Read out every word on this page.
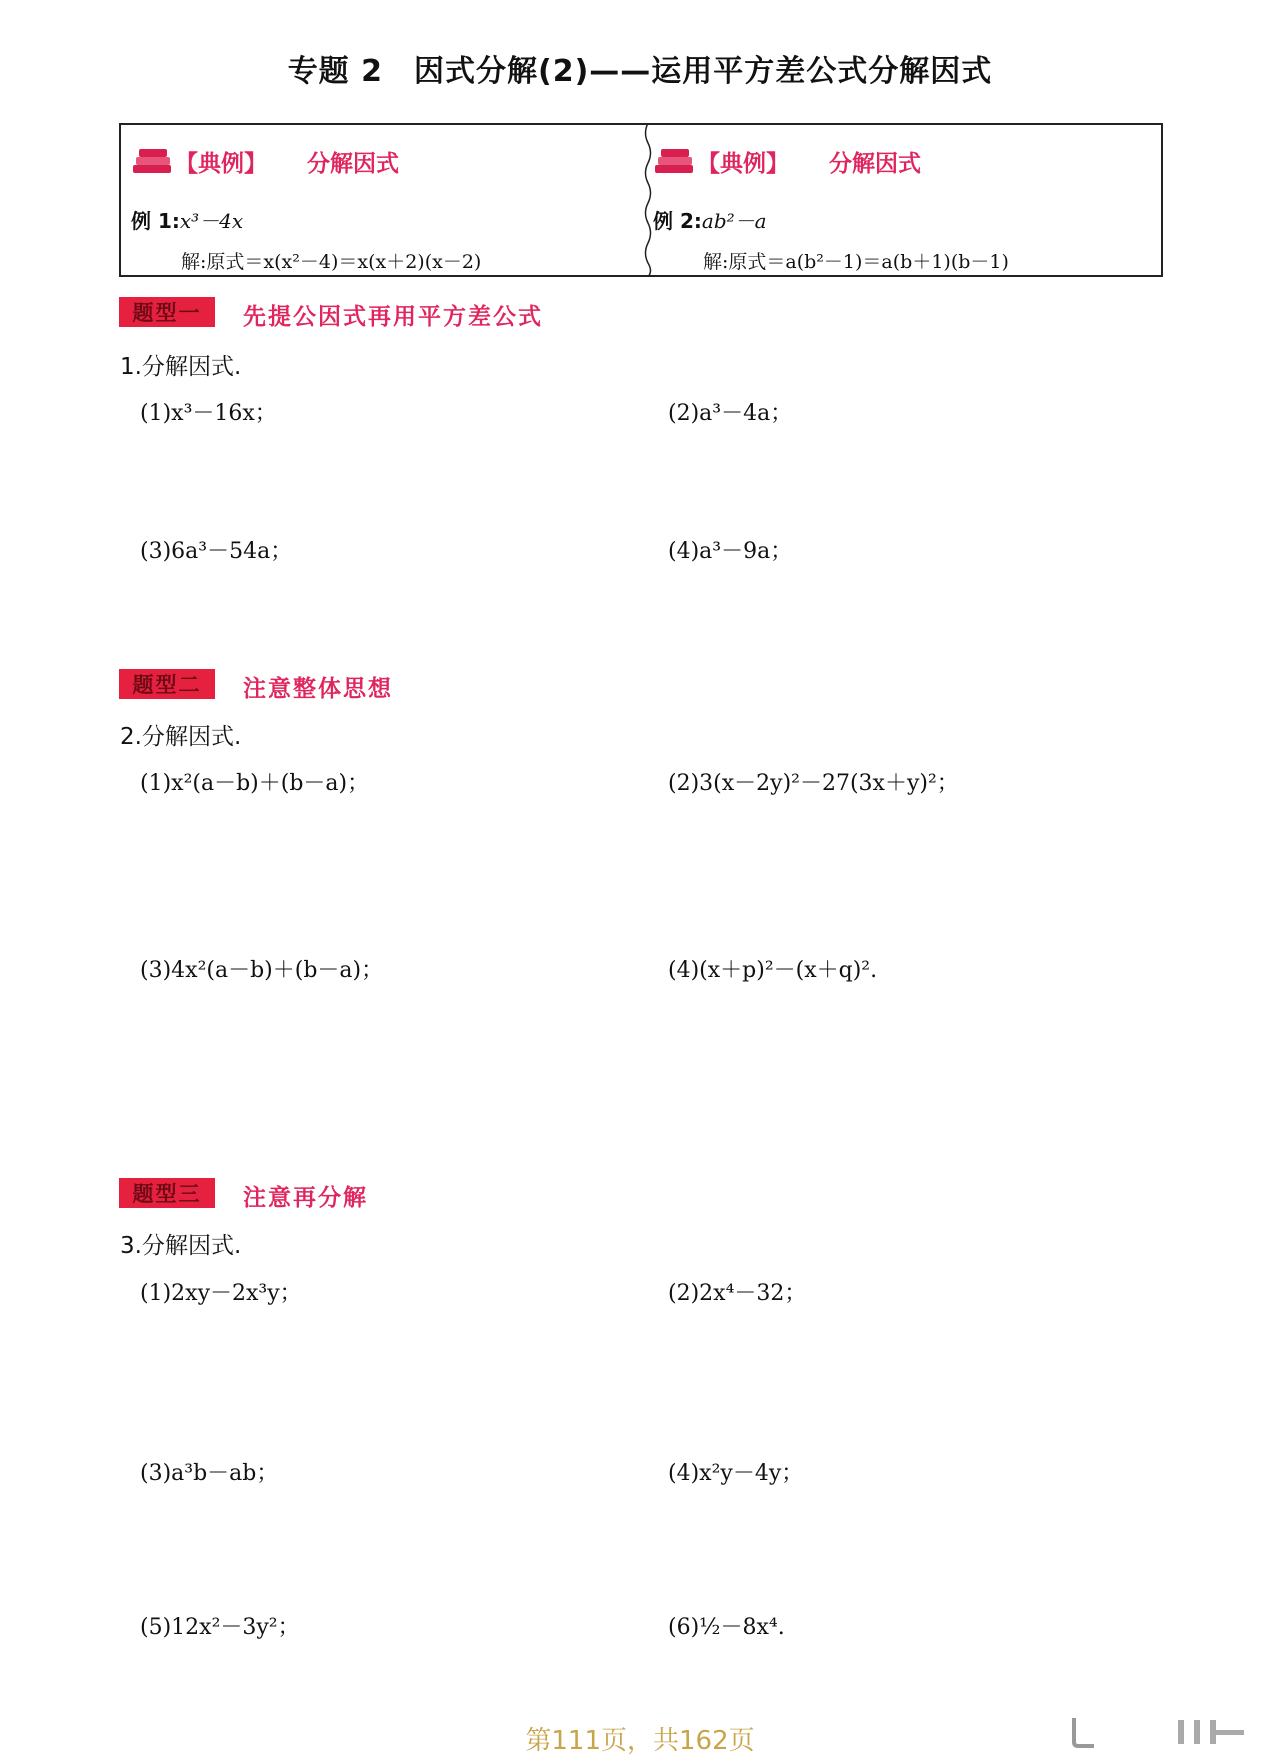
专题 2　因式分解(2)——运用平方差公式分解因式
【典例】 分解因式
例 1:x³－4x
解:原式＝x(x²－4)＝x(x＋2)(x－2)
【典例】 分解因式
例 2:ab²－a
解:原式＝a(b²－1)＝a(b＋1)(b－1)
题型一	先提公因式再用平方差公式
1.分解因式.
(1)x³－16x；	(2)a³－4a；
(3)6a³－54a；	(4)a³－9a；
题型二	注意整体思想
2.分解因式.
(1)x²(a－b)＋(b－a)；	(2)3(x－2y)²－27(3x＋y)²；
(3)4x²(a－b)＋(b－a)；	(4)(x＋p)²－(x＋q)².
题型三	注意再分解
3.分解因式.
(1)2xy－2x³y；	(2)2x⁴－32；
(3)a³b－ab；	(4)x²y－4y；
(5)12x²－3y²；	(6)½－8x⁴.
第111页，共162页
